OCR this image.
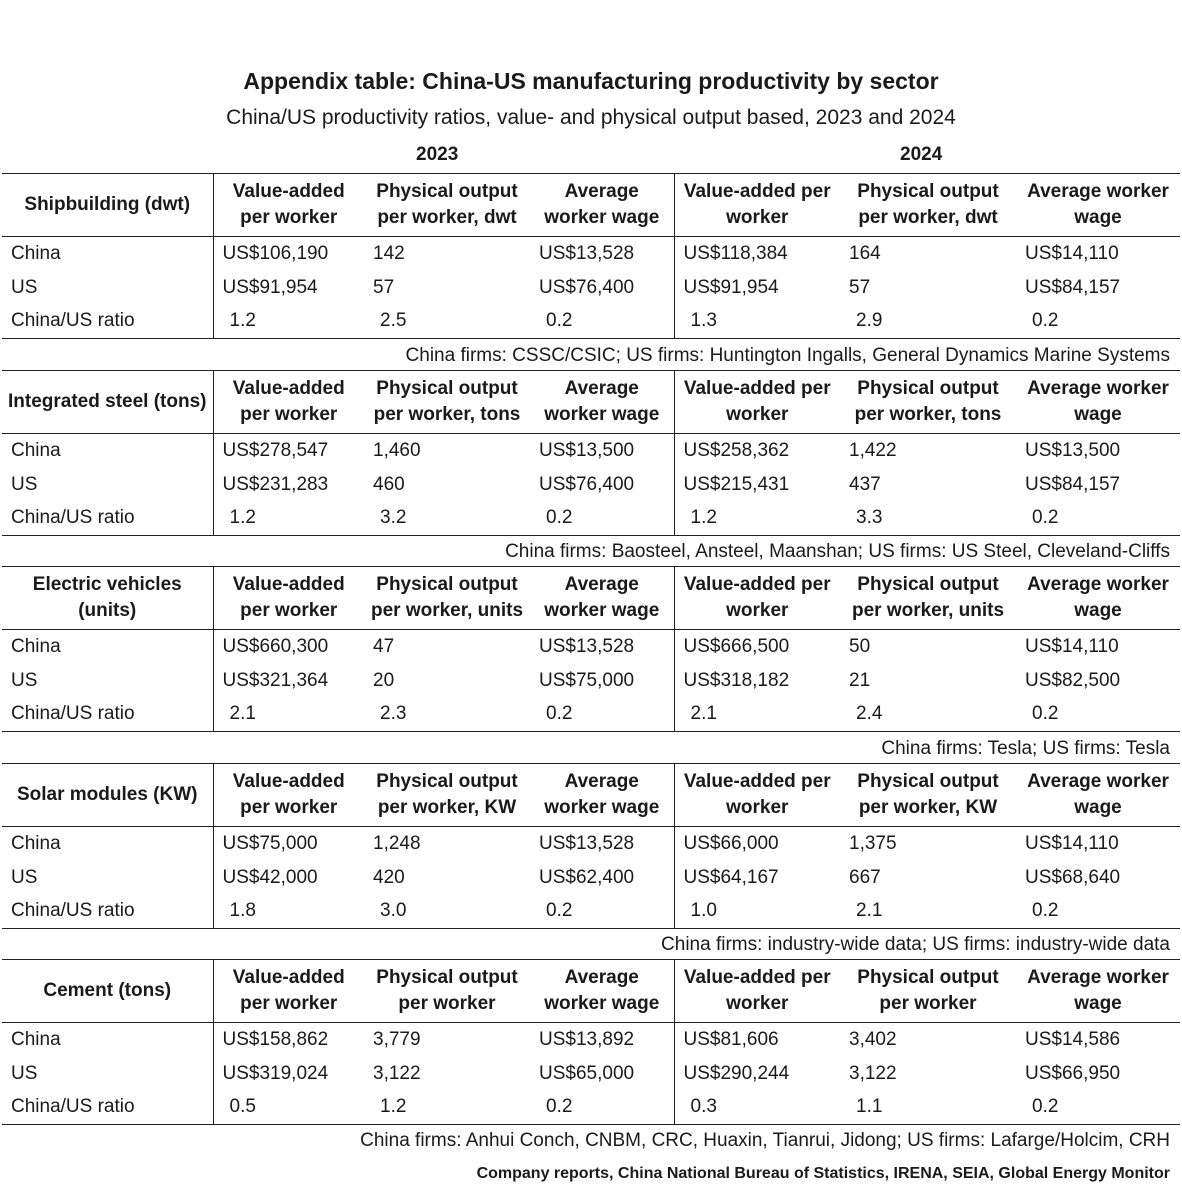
Appendix table: China-US manufacturing productivity by sector
China/US productivity ratios, value- and physical output based, 2023 and 2024
2023	2024
Shipbuilding (dwt)	Value-added per worker	Physical output per worker, dwt	Average worker wage	Value-added per worker	Physical output per worker, dwt	Average worker wage
China	US$106,190	142	US$13,528	US$118,384	164	US$14,110
US	US$91,954	57	US$76,400	US$91,954	57	US$84,157
China/US ratio	1.2	2.5	0.2	1.3	2.9	0.2
China firms: CSSC/CSIC; US firms: Huntington Ingalls, General Dynamics Marine Systems
Integrated steel (tons)	Value-added per worker	Physical output per worker, tons	Average worker wage	Value-added per worker	Physical output per worker, tons	Average worker wage
China	US$278,547	1,460	US$13,500	US$258,362	1,422	US$13,500
US	US$231,283	460	US$76,400	US$215,431	437	US$84,157
China/US ratio	1.2	3.2	0.2	1.2	3.3	0.2
China firms: Baosteel, Ansteel, Maanshan; US firms: US Steel, Cleveland-Cliffs
Electric vehicles (units)	Value-added per worker	Physical output per worker, units	Average worker wage	Value-added per worker	Physical output per worker, units	Average worker wage
China	US$660,300	47	US$13,528	US$666,500	50	US$14,110
US	US$321,364	20	US$75,000	US$318,182	21	US$82,500
China/US ratio	2.1	2.3	0.2	2.1	2.4	0.2
China firms: Tesla; US firms: Tesla
Solar modules (KW)	Value-added per worker	Physical output per worker, KW	Average worker wage	Value-added per worker	Physical output per worker, KW	Average worker wage
China	US$75,000	1,248	US$13,528	US$66,000	1,375	US$14,110
US	US$42,000	420	US$62,400	US$64,167	667	US$68,640
China/US ratio	1.8	3.0	0.2	1.0	2.1	0.2
China firms: industry-wide data; US firms: industry-wide data
Cement (tons)	Value-added per worker	Physical output per worker	Average worker wage	Value-added per worker	Physical output per worker	Average worker wage
China	US$158,862	3,779	US$13,892	US$81,606	3,402	US$14,586
US	US$319,024	3,122	US$65,000	US$290,244	3,122	US$66,950
China/US ratio	0.5	1.2	0.2	0.3	1.1	0.2
China firms: Anhui Conch, CNBM, CRC, Huaxin, Tianrui, Jidong; US firms: Lafarge/Holcim, CRH
Company reports, China National Bureau of Statistics, IRENA, SEIA, Global Energy Monitor
